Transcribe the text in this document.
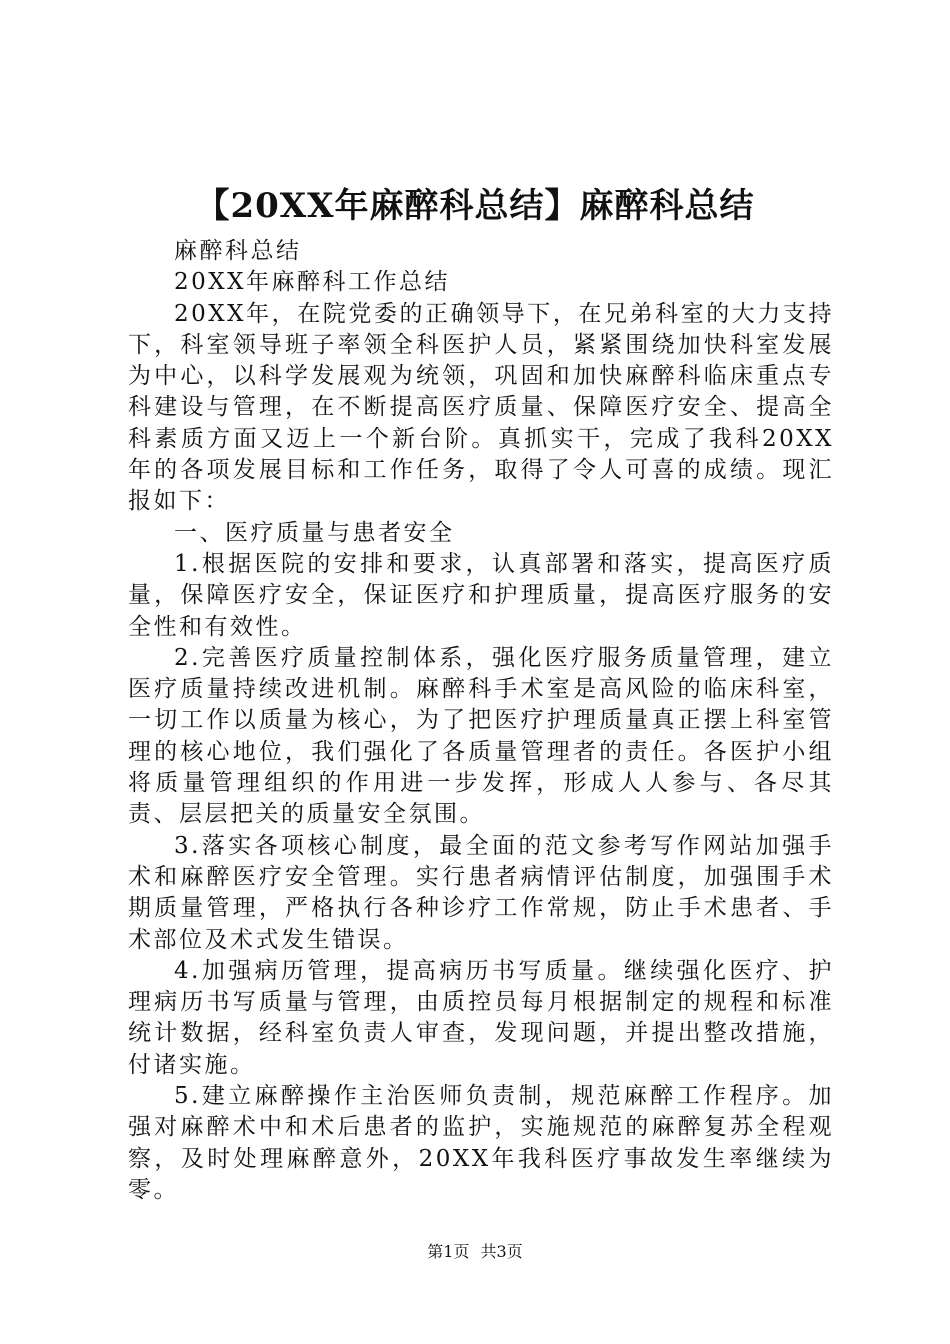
【20XX年麻醉科总结】麻醉科总结

麻醉科总结

20XX年麻醉科工作总结

20XX年，在院党委的正确领导下，在兄弟科室的大力支持下，科室领导班子率领全科医护人员，紧紧围绕加快科室发展为中心，以科学发展观为统领，巩固和加快麻醉科临床重点专科建设与管理，在不断提高医疗质量、保障医疗安全、提高全科素质方面又迈上一个新台阶。真抓实干，完成了我科20XX年的各项发展目标和工作任务，取得了令人可喜的成绩。现汇报如下：

一、医疗质量与患者安全

1.根据医院的安排和要求，认真部署和落实，提高医疗质量，保障医疗安全，保证医疗和护理质量，提高医疗服务的安全性和有效性。

2.完善医疗质量控制体系，强化医疗服务质量管理，建立医疗质量持续改进机制。麻醉科手术室是高风险的临床科室，一切工作以质量为核心，为了把医疗护理质量真正摆上科室管理的核心地位，我们强化了各质量管理者的责任。各医护小组将质量管理组织的作用进一步发挥，形成人人参与、各尽其责、层层把关的质量安全氛围。

3.落实各项核心制度，最全面的范文参考写作网站加强手术和麻醉医疗安全管理。实行患者病情评估制度，加强围手术期质量管理，严格执行各种诊疗工作常规，防止手术患者、手术部位及术式发生错误。

4.加强病历管理，提高病历书写质量。继续强化医疗、护理病历书写质量与管理，由质控员每月根据制定的规程和标准统计数据，经科室负责人审查，发现问题，并提出整改措施，付诸实施。

5.建立麻醉操作主治医师负责制，规范麻醉工作程序。加强对麻醉术中和术后患者的监护，实施规范的麻醉复苏全程观察，及时处理麻醉意外，20XX年我科医疗事故发生率继续为零。

第1页 共3页
